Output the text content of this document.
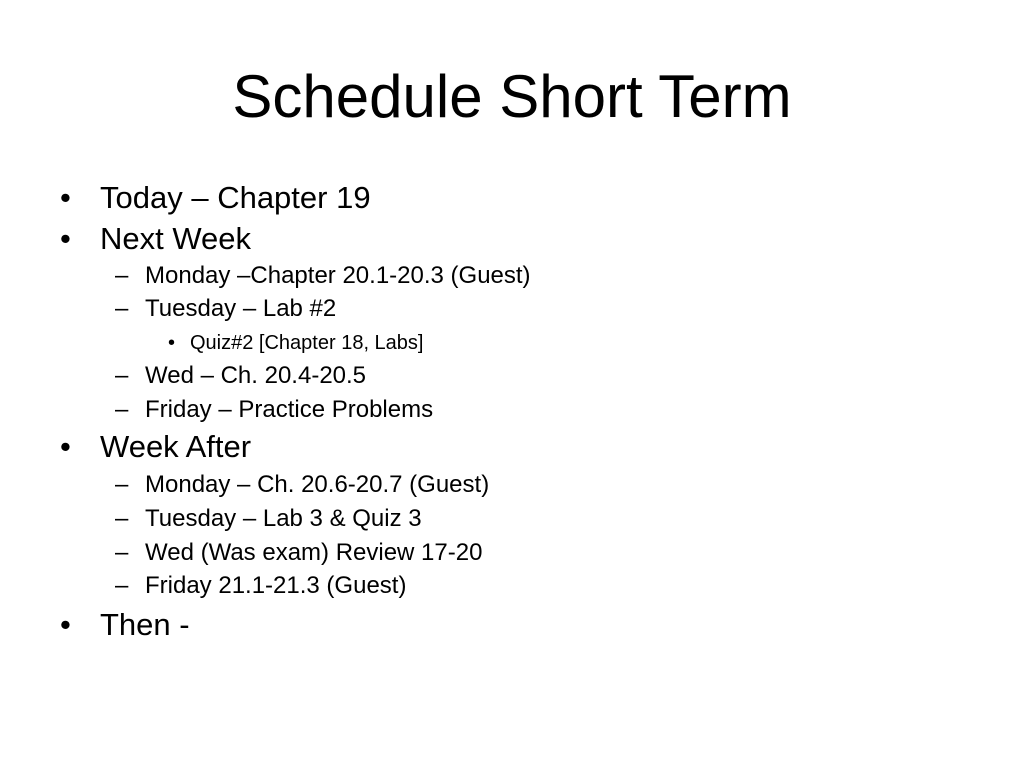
Schedule Short Term
• Today – Chapter 19
• Next Week
– Monday –Chapter 20.1-20.3 (Guest)
– Tuesday – Lab #2
• Quiz#2 [Chapter 18, Labs]
– Wed – Ch. 20.4-20.5
– Friday – Practice Problems
• Week After
– Monday – Ch. 20.6-20.7 (Guest)
– Tuesday – Lab 3 & Quiz 3
– Wed (Was exam) Review 17-20
– Friday 21.1-21.3 (Guest)
• Then -
